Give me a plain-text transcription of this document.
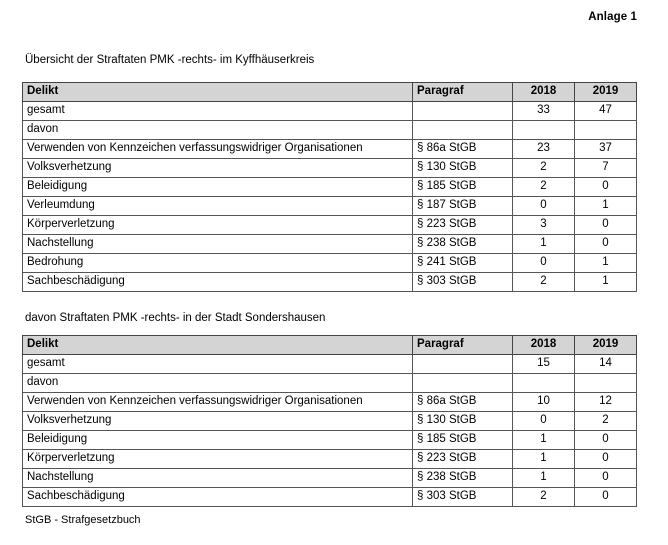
Anlage 1
Übersicht der Straftaten PMK -rechts- im Kyffhäuserkreis
Delikt	Paragraf	2018	2019
gesamt		33	47
davon			
Verwenden von Kennzeichen verfassungswidriger Organisationen	§ 86a StGB	23	37
Volksverhetzung	§ 130 StGB	2	7
Beleidigung	§ 185 StGB	2	0
Verleumdung	§ 187 StGB	0	1
Körperverletzung	§ 223 StGB	3	0
Nachstellung	§ 238 StGB	1	0
Bedrohung	§ 241 StGB	0	1
Sachbeschädigung	§ 303 StGB	2	1
davon Straftaten PMK -rechts- in der Stadt Sondershausen
Delikt	Paragraf	2018	2019
gesamt		15	14
davon			
Verwenden von Kennzeichen verfassungswidriger Organisationen	§ 86a StGB	10	12
Volksverhetzung	§ 130 StGB	0	2
Beleidigung	§ 185 StGB	1	0
Körperverletzung	§ 223 StGB	1	0
Nachstellung	§ 238 StGB	1	0
Sachbeschädigung	§ 303 StGB	2	0
StGB - Strafgesetzbuch
